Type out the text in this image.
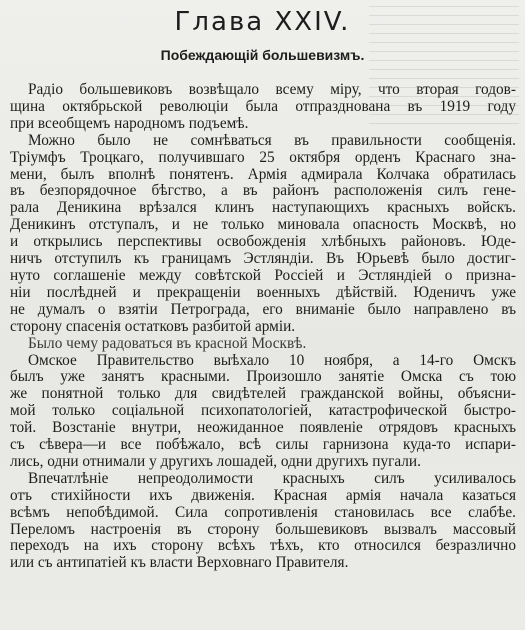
Глава XXIV.
Побеждающій большевизмъ.
Радіо большевиковъ возвѣщало всему міру, что вторая годов-
щина октябрьской революціи была отпразднована въ 1919 году
при всеобщемъ народномъ подъемѣ.
Можно было не сомнѣваться въ правильности сообщенія.
Тріумфъ Троцкаго, получившаго 25 октября орденъ Краснаго зна-
мени, былъ вполнѣ понятенъ. Армія адмирала Колчака обратилась
въ безпорядочное бѣгство, а въ районъ расположенія силъ гене-
рала Деникина врѣзался клинъ наступающихъ красныхъ войскъ.
Деникинъ отступалъ, и не только миновала опасность Москвѣ, но
и открылись перспективы освобожденія хлѣбныхъ районовъ. Юде-
ничъ отступилъ къ границамъ Эстляндіи. Въ Юрьевѣ было достиг-
нуто соглашеніе между совѣтской Россіей и Эстляндіей о призна-
ніи послѣдней и прекращеніи военныхъ дѣйствій. Юденичъ уже
не думалъ о взятіи Петрограда, его вниманіе было направлено въ
сторону спасенія остатковъ разбитой арміи.
Было чему радоваться въ красной Москвѣ.
Омское Правительство выѣхало 10 ноября, а 14-го Омскъ
былъ уже занятъ красными. Произошло занятіе Омска съ тою
же понятной только для свидѣтелей гражданской войны, объясни-
мой только соціальной психопатологіей, катастрофической быстро-
той. Возстаніе внутри, неожиданное появленіе отрядовъ красныхъ
съ сѣвера—и все побѣжало, всѣ силы гарнизона куда-то испари-
лись, одни отнимали у другихъ лошадей, одни другихъ пугали.
Впечатлѣніе непреодолимости красныхъ силъ усиливалось
отъ стихійности ихъ движенія. Красная армія начала казаться
всѣмъ непобѣдимой. Сила сопротивленія становилась все слабѣе.
Переломъ настроенія въ сторону большевиковъ вызвалъ массовый
переходъ на ихъ сторону всѣхъ тѣхъ, кто относился безразлично
или съ антипатіей къ власти Верховнаго Правителя.
